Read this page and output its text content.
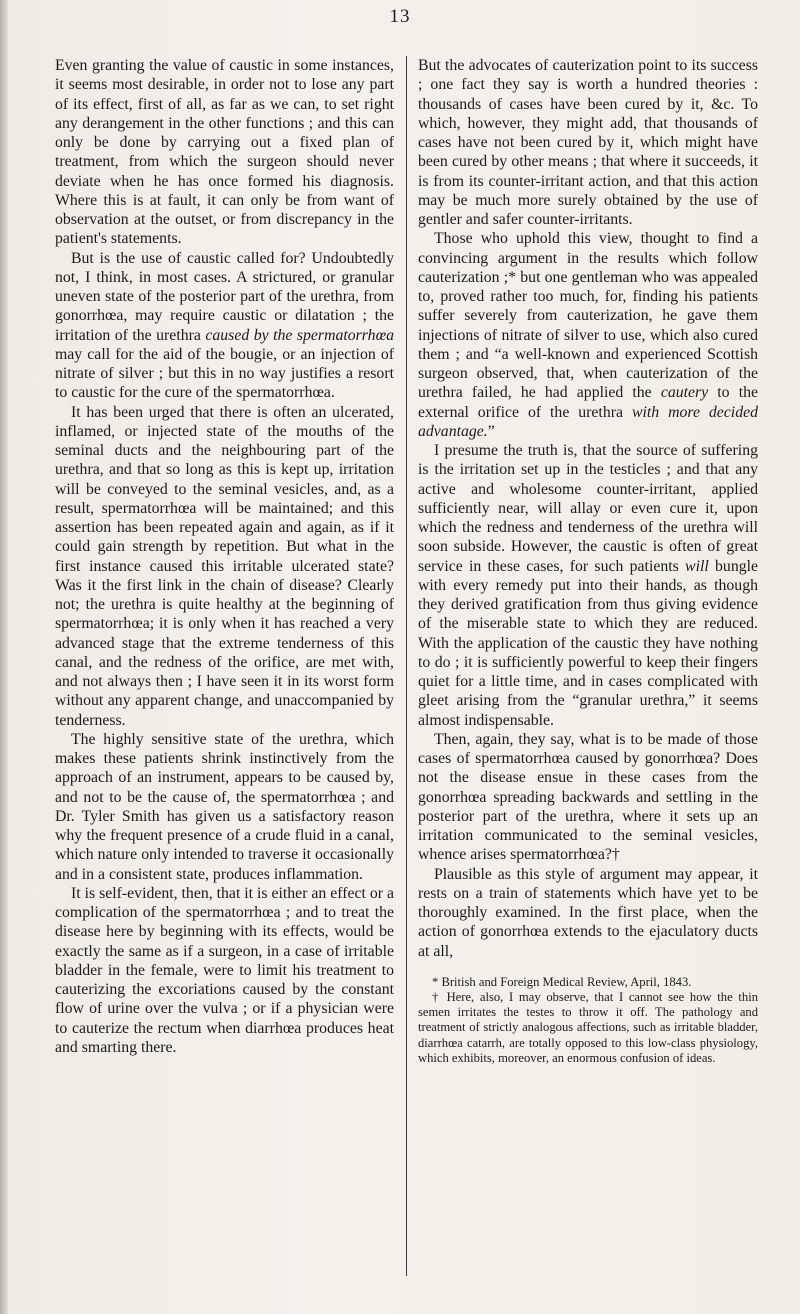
13

Even granting the value of caustic in some instances, it seems most desirable, in order not to lose any part of its effect, first of all, as far as we can, to set right any derangement in the other functions ; and this can only be done by carrying out a fixed plan of treatment, from which the surgeon should never deviate when he has once formed his diagnosis. Where this is at fault, it can only be from want of observation at the outset, or from discrepancy in the patient's statements.

But is the use of caustic called for? Undoubtedly not, I think, in most cases. A strictured, or granular uneven state of the posterior part of the urethra, from gonorrhœa, may require caustic or dilatation ; the irritation of the urethra caused by the spermatorrhœa may call for the aid of the bougie, or an injection of nitrate of silver ; but this in no way justifies a resort to caustic for the cure of the spermatorrhœa.

It has been urged that there is often an ulcerated, inflamed, or injected state of the mouths of the seminal ducts and the neighbouring part of the urethra, and that so long as this is kept up, irritation will be conveyed to the seminal vesicles, and, as a result, spermatorrhœa will be maintained; and this assertion has been repeated again and again, as if it could gain strength by repetition. But what in the first instance caused this irritable ulcerated state? Was it the first link in the chain of disease? Clearly not; the urethra is quite healthy at the beginning of spermatorrhœa; it is only when it has reached a very advanced stage that the extreme tenderness of this canal, and the redness of the orifice, are met with, and not always then ; I have seen it in its worst form without any apparent change, and unaccompanied by tenderness.

The highly sensitive state of the urethra, which makes these patients shrink instinctively from the approach of an instrument, appears to be caused by, and not to be the cause of, the spermatorrhœa ; and Dr. Tyler Smith has given us a satisfactory reason why the frequent presence of a crude fluid in a canal, which nature only intended to traverse it occasionally and in a consistent state, produces inflammation.

It is self-evident, then, that it is either an effect or a complication of the spermatorrhœa ; and to treat the disease here by beginning with its effects, would be exactly the same as if a surgeon, in a case of irritable bladder in the female, were to limit his treatment to cauterizing the excoriations caused by the constant flow of urine over the vulva ; or if a physician were to cauterize the rectum when diarrhœa produces heat and smarting there.

But the advocates of cauterization point to its success ; one fact they say is worth a hundred theories : thousands of cases have been cured by it, &c. To which, however, they might add, that thousands of cases have not been cured by it, which might have been cured by other means ; that where it succeeds, it is from its counter-irritant action, and that this action may be much more surely obtained by the use of gentler and safer counter-irritants.

Those who uphold this view, thought to find a convincing argument in the results which follow cauterization ;* but one gentleman who was appealed to, proved rather too much, for, finding his patients suffer severely from cauterization, he gave them injections of nitrate of silver to use, which also cured them ; and “a well-known and experienced Scottish surgeon observed, that, when cauterization of the urethra failed, he had applied the cautery to the external orifice of the urethra with more decided advantage.”

I presume the truth is, that the source of suffering is the irritation set up in the testicles ; and that any active and wholesome counter-irritant, applied sufficiently near, will allay or even cure it, upon which the redness and tenderness of the urethra will soon subside. However, the caustic is often of great service in these cases, for such patients will bungle with every remedy put into their hands, as though they derived gratification from thus giving evidence of the miserable state to which they are reduced. With the application of the caustic they have nothing to do ; it is sufficiently powerful to keep their fingers quiet for a little time, and in cases complicated with gleet arising from the “granular urethra,” it seems almost indispensable.

Then, again, they say, what is to be made of those cases of spermatorrhœa caused by gonorrhœa? Does not the disease ensue in these cases from the gonorrhœa spreading backwards and settling in the posterior part of the urethra, where it sets up an irritation communicated to the seminal vesicles, whence arises spermatorrhœa?†

Plausible as this style of argument may appear, it rests on a train of statements which have yet to be thoroughly examined. In the first place, when the action of gonorrhœa extends to the ejaculatory ducts at all,

* British and Foreign Medical Review, April, 1843.

† Here, also, I may observe, that I cannot see how the thin semen irritates the testes to throw it off. The pathology and treatment of strictly analogous affections, such as irritable bladder, diarrhœa catarrh, are totally opposed to this low-class physiology, which exhibits, moreover, an enormous confusion of ideas.
